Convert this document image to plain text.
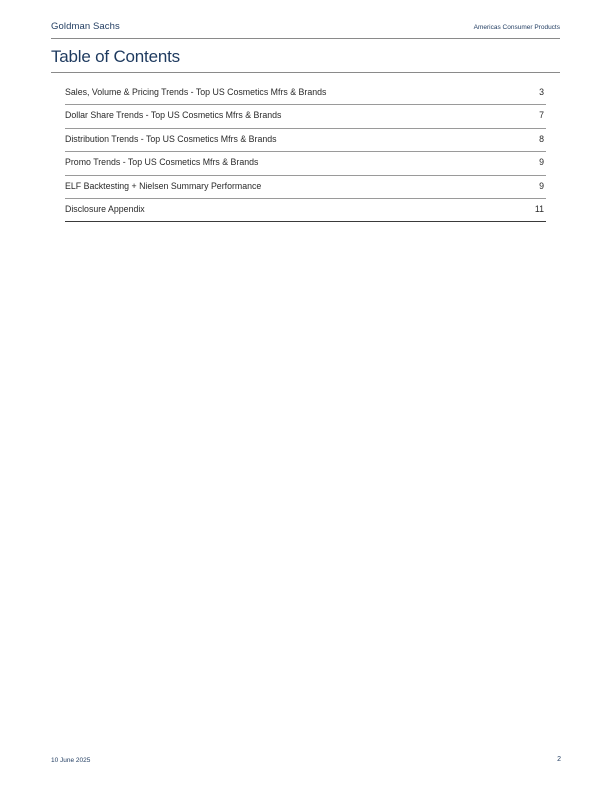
Goldman Sachs	Americas Consumer Products
Table of Contents
Sales, Volume & Pricing Trends - Top US Cosmetics Mfrs & Brands	3
Dollar Share Trends - Top US Cosmetics Mfrs & Brands	7
Distribution Trends - Top US Cosmetics Mfrs & Brands	8
Promo Trends - Top US Cosmetics Mfrs & Brands	9
ELF Backtesting + Nielsen Summary Performance	9
Disclosure Appendix	11
10 June 2025	2
